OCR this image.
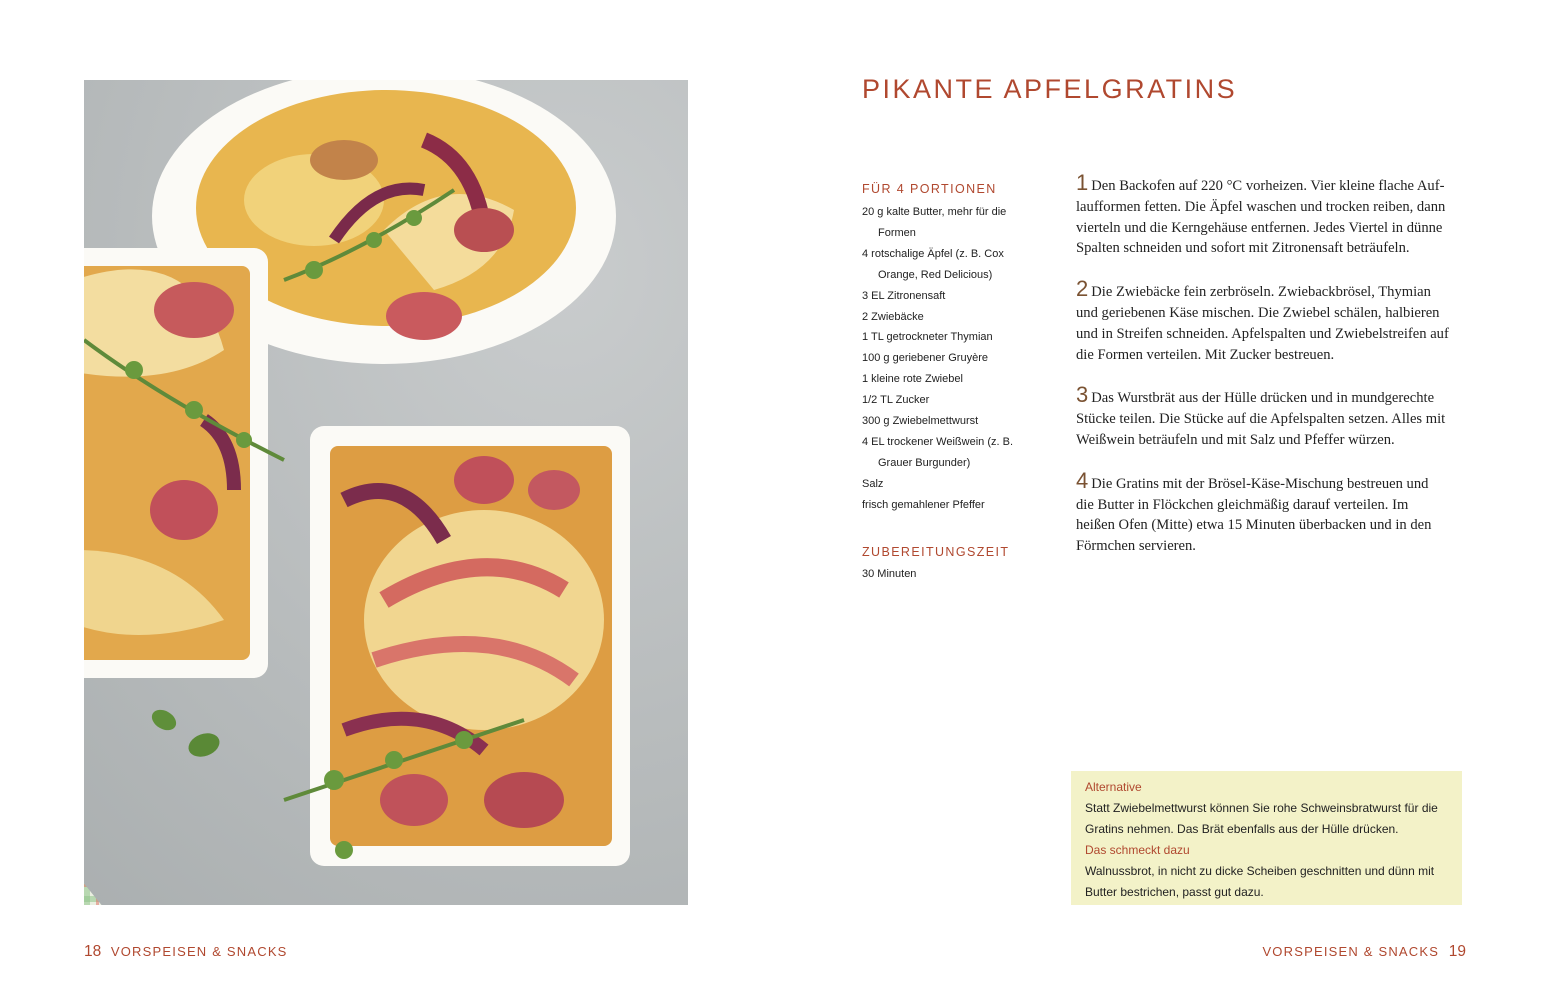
PIKANTE APFELGRATINS
FÜR 4 PORTIONEN
20 g kalte Butter, mehr für die
Formen
4 rotschalige Äpfel (z. B. Cox
Orange, Red Delicious)
3 EL Zitronensaft
2 Zwiebäcke
1 TL getrockneter Thymian
100 g geriebener Gruyère
1 kleine rote Zwiebel
1/2 TL Zucker
300 g Zwiebelmettwurst
4 EL trockener Weißwein (z. B.
Grauer Burgunder)
Salz
frisch gemahlener Pfeffer
ZUBEREITUNGSZEIT
30 Minuten

1 Den Backofen auf 220 °C vorheizen. Vier kleine flache Auf-
laufformen fetten. Die Äpfel waschen und trocken reiben, dann
vierteln und die Kerngehäuse entfernen. Jedes Viertel in dünne
Spalten schneiden und sofort mit Zitronensaft beträufeln.

2 Die Zwiebäcke fein zerbröseln. Zwiebackbrösel, Thymian
und geriebenen Käse mischen. Die Zwiebel schälen, halbieren
und in Streifen schneiden. Apfelspalten und Zwiebelstreifen auf
die Formen verteilen. Mit Zucker bestreuen.

3 Das Wurstbrät aus der Hülle drücken und in mundgerechte
Stücke teilen. Die Stücke auf die Apfelspalten setzen. Alles mit
Weißwein beträufeln und mit Salz und Pfeffer würzen.

4 Die Gratins mit der Brösel-Käse-Mischung bestreuen und
die Butter in Flöckchen gleichmäßig darauf verteilen. Im
heißen Ofen (Mitte) etwa 15 Minuten überbacken und in den
Förmchen servieren.

Alternative
Statt Zwiebelmettwurst können Sie rohe Schweinsbratwurst für die
Gratins nehmen. Das Brät ebenfalls aus der Hülle drücken.
Das schmeckt dazu
Walnussbrot, in nicht zu dicke Scheiben geschnitten und dünn mit
Butter bestrichen, passt gut dazu.
18 VORSPEISEN & SNACKS	VORSPEISEN & SNACKS 19
